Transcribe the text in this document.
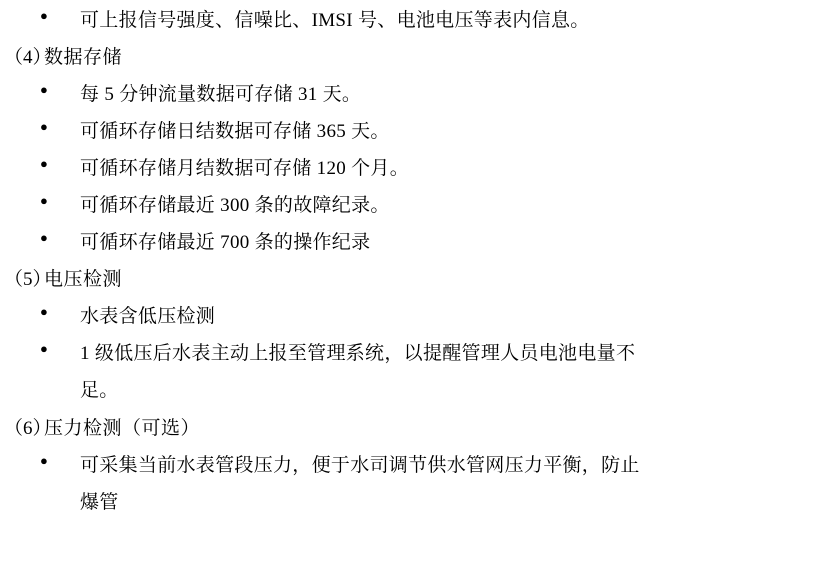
●	可上报信号强度、信噪比、IMSI 号、电池电压等表内信息。
（4）
数据存储
●	每 5 分钟流量数据可存储 31 天。
●	可循环存储日结数据可存储 365 天。
●	可循环存储月结数据可存储 120 个月。
●	可循环存储最近 300 条的故障纪录。
●	可循环存储最近 700 条的操作纪录
（5）
电压检测
●	水表含低压检测
●	1 级低压后水表主动上报至管理系统，以提醒管理人员电池电量不
足。
（6）
压力检测（可选）
●	可采集当前水表管段压力，便于水司调节供水管网压力平衡，防止
爆管
